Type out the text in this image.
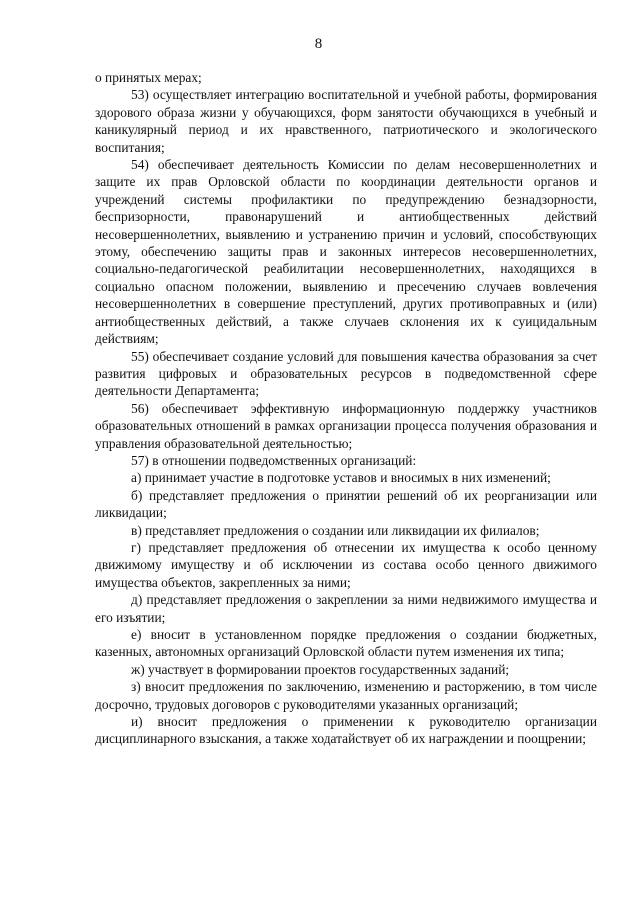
8

о принятых мерах;

53) осуществляет интеграцию воспитательной и учебной работы, формирования здорового образа жизни у обучающихся, форм занятости обучающихся в учебный и каникулярный период и их нравственного, патриотического и экологического воспитания;

54) обеспечивает деятельность Комиссии по делам несовершеннолетних и защите их прав Орловской области по координации деятельности органов и учреждений системы профилактики по предупреждению безнадзорности, беспризорности, правонарушений и антиобщественных действий несовершеннолетних, выявлению и устранению причин и условий, способствующих этому, обеспечению защиты прав и законных интересов несовершеннолетних, социально-педагогической реабилитации несовершеннолетних, находящихся в социально опасном положении, выявлению и пресечению случаев вовлечения несовершеннолетних в совершение преступлений, других противоправных и (или) антиобщественных действий, а также случаев склонения их к суицидальным действиям;

55) обеспечивает создание условий для повышения качества образования за счет развития цифровых и образовательных ресурсов в подведомственной сфере деятельности Департамента;

56) обеспечивает эффективную информационную поддержку участников образовательных отношений в рамках организации процесса получения образования и управления образовательной деятельностью;

57) в отношении подведомственных организаций:

а) принимает участие в подготовке уставов и вносимых в них изменений;

б) представляет предложения о принятии решений об их реорганизации или ликвидации;

в) представляет предложения о создании или ликвидации их филиалов;

г) представляет предложения об отнесении их имущества к особо ценному движимому имуществу и об исключении из состава особо ценного движимого имущества объектов, закрепленных за ними;

д) представляет предложения о закреплении за ними недвижимого имущества и его изъятии;

е) вносит в установленном порядке предложения о создании бюджетных, казенных, автономных организаций Орловской области путем изменения их типа;

ж) участвует в формировании проектов государственных заданий;

з) вносит предложения по заключению, изменению и расторжению, в том числе досрочно, трудовых договоров с руководителями указанных организаций;

и) вносит предложения о применении к руководителю организации дисциплинарного взыскания, а также ходатайствует об их награждении и поощрении;
